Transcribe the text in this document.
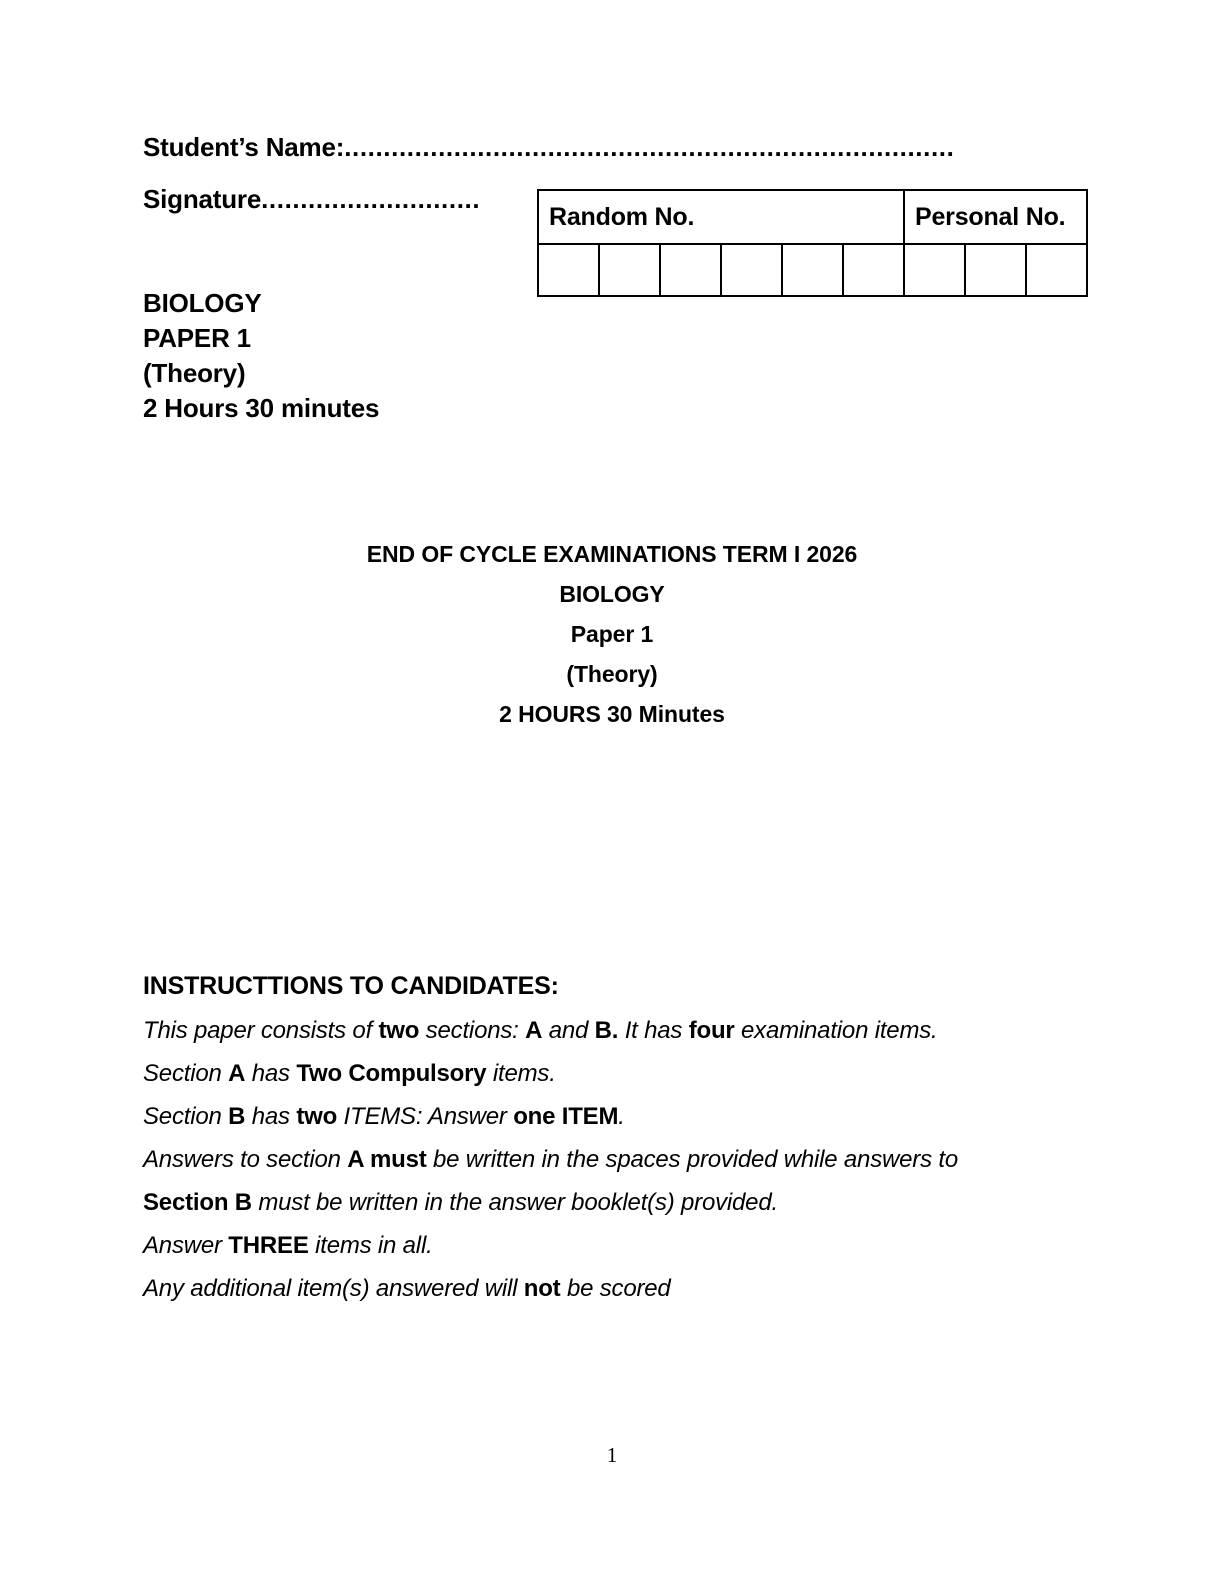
Student’s Name:..............................................................................
Signature............................
Random No.						Personal No.		

BIOLOGY
PAPER 1
(Theory)
2 Hours 30 minutes
END OF CYCLE EXAMINATIONS TERM I 2026
BIOLOGY
Paper 1
(Theory)
2 HOURS 30 Minutes
INSTRUCTTIONS TO CANDIDATES:
This paper consists of two sections: A and B. It has four examination items.
Section A has Two Compulsory items.
Section B has two ITEMS: Answer one ITEM.
Answers to section A must be written in the spaces provided while answers to
Section B must be written in the answer booklet(s) provided.
Answer THREE items in all.
Any additional item(s) answered will not be scored
1
